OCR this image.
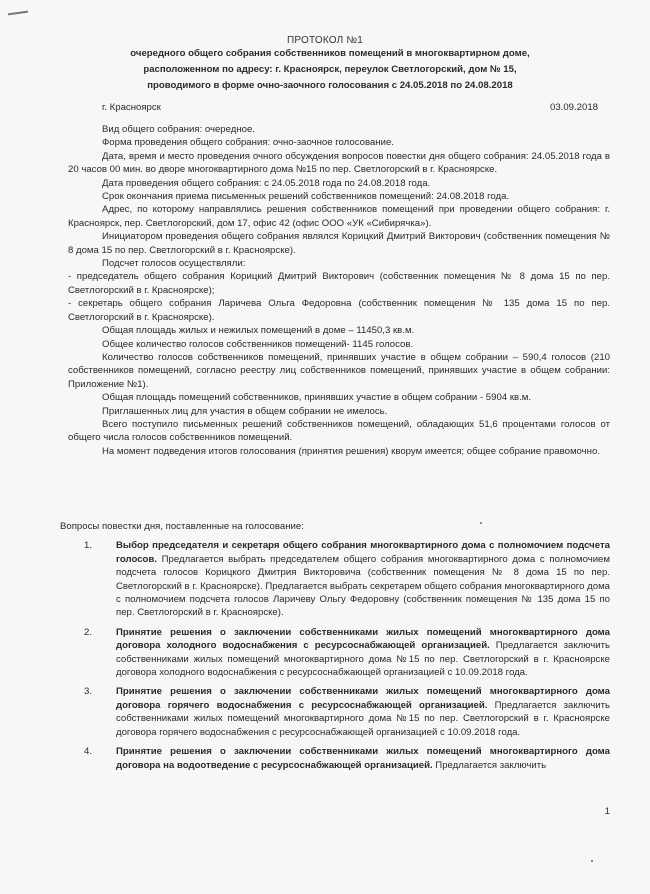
ПРОТОКОЛ №1
очередного общего собрания собственников помещений в многоквартирном доме,
расположенном по адресу: г. Красноярск, переулок Светлогорский, дом № 15,
проводимого в форме очно-заочного голосования с 24.05.2018 по 24.08.2018
г. Красноярск	03.09.2018

Вид общего собрания: очередное.

Форма проведения общего собрания: очно-заочное голосование.

Дата, время и место проведения очного обсуждения вопросов повестки дня общего собрания: 24.05.2018 года в 20 часов 00 мин. во дворе многоквартирного дома №15 по пер. Светлогорский в г. Красноярске.

Дата проведения общего собрания: с 24.05.2018 года по 24.08.2018 года.

Срок окончания приема письменных решений собственников помещений: 24.08.2018 года.

Адрес, по которому направлялись решения собственников помещений при проведении общего собрания: г. Красноярск, пер. Светлогорский, дом 17, офис 42 (офис ООО «УК «Сибирячка»).

Инициатором проведения общего собрания являлся Корицкий Дмитрий Викторович (собственник помещения № 8 дома 15 по пер. Светлогорский в г. Красноярске).

Подсчет голосов осуществляли:

- председатель общего собрания Корицкий Дмитрий Викторович (собственник помещения № 8 дома 15 по пер. Светлогорский в г. Красноярске);

- секретарь общего собрания Ларичева Ольга Федоровна (собственник помещения № 135 дома 15 по пер. Светлогорский в г. Красноярске).

Общая площадь жилых и нежилых помещений в доме – 11450,3 кв.м.

Общее количество голосов собственников помещений- 1145 голосов.

Количество голосов собственников помещений, принявших участие в общем собрании – 590,4 голосов (210 собственников помещений, согласно реестру лиц собственников помещений, принявших участие в общем собрании: Приложение №1).

Общая площадь помещений собственников, принявших участие в общем собрании - 5904 кв.м.

Приглашенных лиц для участия в общем собрании не имелось.

Всего поступило письменных решений собственников помещений, обладающих 51,6 процентами голосов от общего числа голосов собственников помещений.

На момент подведения итогов голосования (принятия решения) кворум имеется; общее собрание правомочно.

Вопросы повестки дня, поставленные на голосование:

1. Выбор председателя и секретаря общего собрания многоквартирного дома с полномочием подсчета голосов. Предлагается выбрать председателем общего собрания многоквартирного дома с полномочием подсчета голосов Корицкого Дмитрия Викторовича (собственник помещения № 8 дома 15 по пер. Светлогорский в г. Красноярске). Предлагается выбрать секретарем общего собрания многоквартирного дома с полномочием подсчета голосов Ларичеву Ольгу Федоровну (собственник помещения № 135 дома 15 по пер. Светлогорский в г. Красноярске).
2. Принятие решения о заключении собственниками жилых помещений многоквартирного дома договора холодного водоснабжения с ресурсоснабжающей организацией. Предлагается заключить собственниками жилых помещений многоквартирного дома №15 по пер. Светлогорский в г. Красноярске договора холодного водоснабжения с ресурсоснабжающей организацией с 10.09.2018 года.
3. Принятие решения о заключении собственниками жилых помещений многоквартирного дома договора горячего водоснабжения с ресурсоснабжающей организацией. Предлагается заключить собственниками жилых помещений многоквартирного дома №15 по пер. Светлогорский в г. Красноярске договора горячего водоснабжения с ресурсоснабжающей организацией с 10.09.2018 года.
4. Принятие решения о заключении собственниками жилых помещений многоквартирного дома договора на водоотведение с ресурсоснабжающей организацией. Предлагается заключить
1
